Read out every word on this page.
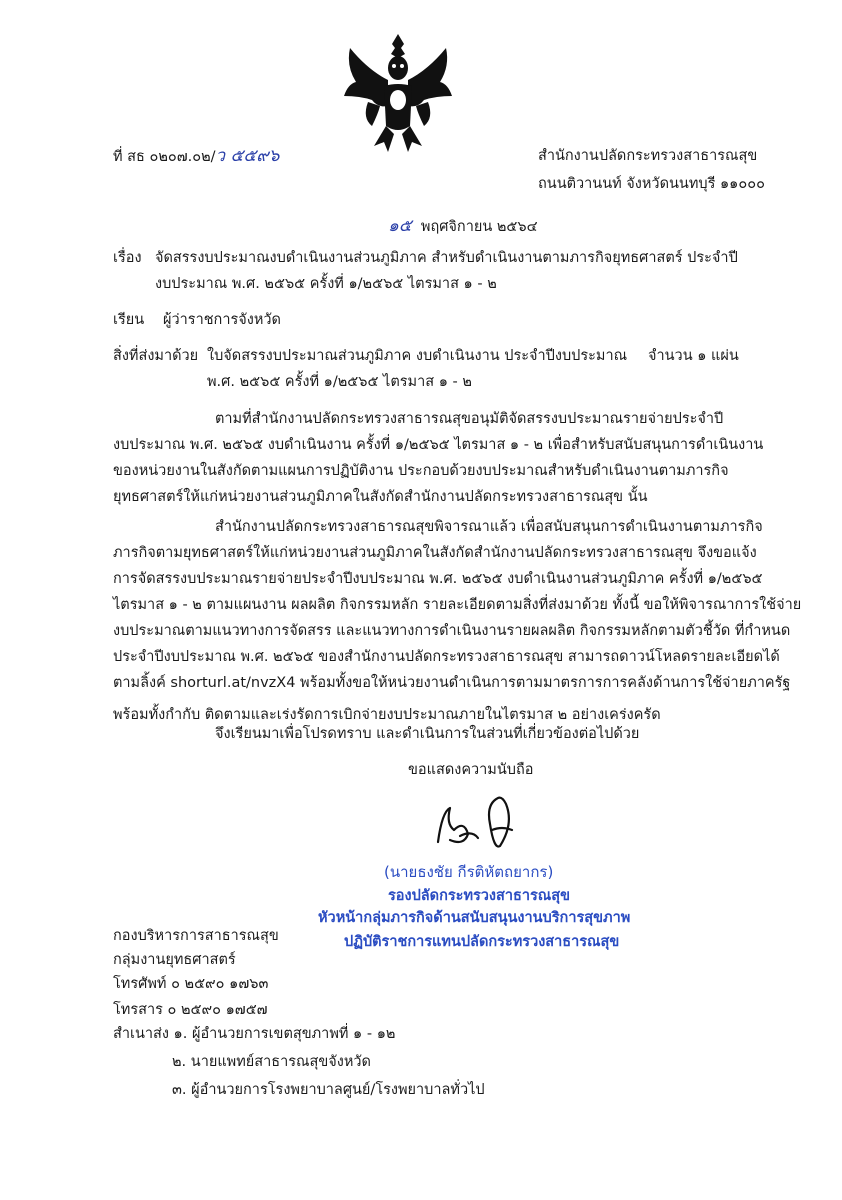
ที่ สธ ๐๒๐๗.๐๒/ว ๕๕๙๖	สำนักงานปลัดกระทรวงสาธารณสุข
ถนนติวานนท์ จังหวัดนนทบุรี ๑๑๐๐๐
๑๕ พฤศจิกายน ๒๕๖๔
เรื่อง จัดสรรงบประมาณงบดำเนินงานส่วนภูมิภาค สำหรับดำเนินงานตามภารกิจยุทธศาสตร์ ประจำปี
งบประมาณ พ.ศ. ๒๕๖๕ ครั้งที่ ๑/๒๕๖๕ ไตรมาส ๑ - ๒
เรียน ผู้ว่าราชการจังหวัด
สิ่งที่ส่งมาด้วย ใบจัดสรรงบประมาณส่วนภูมิภาค งบดำเนินงาน ประจำปีงบประมาณ จำนวน ๑ แผ่น
พ.ศ. ๒๕๖๕ ครั้งที่ ๑/๒๕๖๕ ไตรมาส ๑ - ๒
ตามที่สำนักงานปลัดกระทรวงสาธารณสุขอนุมัติจัดสรรงบประมาณรายจ่ายประจำปี
งบประมาณ พ.ศ. ๒๕๖๕ งบดำเนินงาน ครั้งที่ ๑/๒๕๖๕ ไตรมาส ๑ - ๒ เพื่อสำหรับสนับสนุนการดำเนินงาน
ของหน่วยงานในสังกัดตามแผนการปฏิบัติงาน ประกอบด้วยงบประมาณสำหรับดำเนินงานตามภารกิจ
ยุทธศาสตร์ให้แก่หน่วยงานส่วนภูมิภาคในสังกัดสำนักงานปลัดกระทรวงสาธารณสุข นั้น
สำนักงานปลัดกระทรวงสาธารณสุขพิจารณาแล้ว เพื่อสนับสนุนการดำเนินงานตามภารกิจ
ภารกิจตามยุทธศาสตร์ให้แก่หน่วยงานส่วนภูมิภาคในสังกัดสำนักงานปลัดกระทรวงสาธารณสุข จึงขอแจ้ง
การจัดสรรงบประมาณรายจ่ายประจำปีงบประมาณ พ.ศ. ๒๕๖๕ งบดำเนินงานส่วนภูมิภาค ครั้งที่ ๑/๒๕๖๕
ไตรมาส ๑ - ๒ ตามแผนงาน ผลผลิต กิจกรรมหลัก รายละเอียดตามสิ่งที่ส่งมาด้วย ทั้งนี้ ขอให้พิจารณาการใช้จ่าย
งบประมาณตามแนวทางการจัดสรร และแนวทางการดำเนินงานรายผลผลิต กิจกรรมหลักตามตัวชี้วัด ที่กำหนด
ประจำปีงบประมาณ พ.ศ. ๒๕๖๕ ของสำนักงานปลัดกระทรวงสาธารณสุข สามารถดาวน์โหลดรายละเอียดได้
ตามลิ้งค์ shorturl.at/nvzX4 พร้อมทั้งขอให้หน่วยงานดำเนินการตามมาตรการการคลังด้านการใช้จ่ายภาครัฐ
พร้อมทั้งกำกับ ติดตามและเร่งรัดการเบิกจ่ายงบประมาณภายในไตรมาส ๒ อย่างเคร่งครัด
จึงเรียนมาเพื่อโปรดทราบ และดำเนินการในส่วนที่เกี่ยวข้องต่อไปด้วย
ขอแสดงความนับถือ
(นายธงชัย กีรติหัตถยากร)
รองปลัดกระทรวงสาธารณสุข
หัวหน้ากลุ่มภารกิจด้านสนับสนุนงานบริการสุขภาพ
ปฏิบัติราชการแทนปลัดกระทรวงสาธารณสุข
กองบริหารการสาธารณสุข
กลุ่มงานยุทธศาสตร์
โทรศัพท์ ๐ ๒๕๙๐ ๑๗๖๓
โทรสาร ๐ ๒๕๙๐ ๑๗๕๗
สำเนาส่ง ๑. ผู้อำนวยการเขตสุขภาพที่ ๑ - ๑๒
๒. นายแพทย์สาธารณสุขจังหวัด
๓. ผู้อำนวยการโรงพยาบาลศูนย์/โรงพยาบาลทั่วไป
